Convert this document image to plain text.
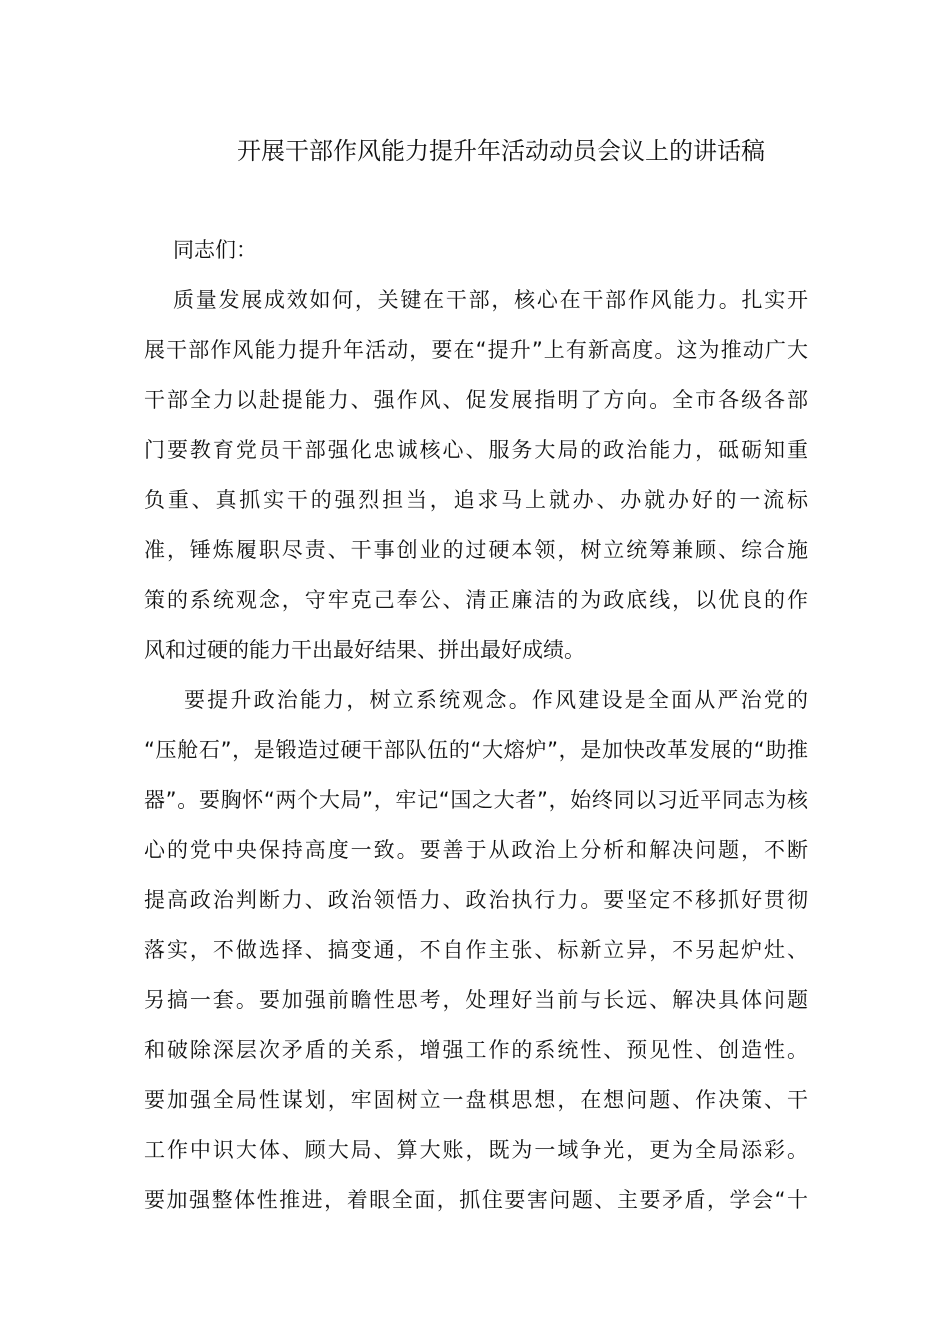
开展干部作风能力提升年活动动员会议上的讲话稿
同志们：
质量发展成效如何，关键在干部，核心在干部作风能力。扎实开
展干部作风能力提升年活动，要在“提升”上有新高度。这为推动广大
干部全力以赴提能力、强作风、促发展指明了方向。全市各级各部
门要教育党员干部强化忠诚核心、服务大局的政治能力，砥砺知重
负重、真抓实干的强烈担当，追求马上就办、办就办好的一流标
准，锤炼履职尽责、干事创业的过硬本领，树立统筹兼顾、综合施
策的系统观念，守牢克己奉公、清正廉洁的为政底线，以优良的作
风和过硬的能力干出最好结果、拼出最好成绩。
要提升政治能力，树立系统观念。作风建设是全面从严治党的
“压舱石”，是锻造过硬干部队伍的“大熔炉”，是加快改革发展的“助推
器”。要胸怀“两个大局”，牢记“国之大者”，始终同以习近平同志为核
心的党中央保持高度一致。要善于从政治上分析和解决问题，不断
提高政治判断力、政治领悟力、政治执行力。要坚定不移抓好贯彻
落实，不做选择、搞变通，不自作主张、标新立异，不另起炉灶、
另搞一套。要加强前瞻性思考，处理好当前与长远、解决具体问题
和破除深层次矛盾的关系，增强工作的系统性、预见性、创造性。
要加强全局性谋划，牢固树立一盘棋思想，在想问题、作决策、干
工作中识大体、顾大局、算大账，既为一域争光，更为全局添彩。
要加强整体性推进，着眼全面，抓住要害问题、主要矛盾，学会“十
